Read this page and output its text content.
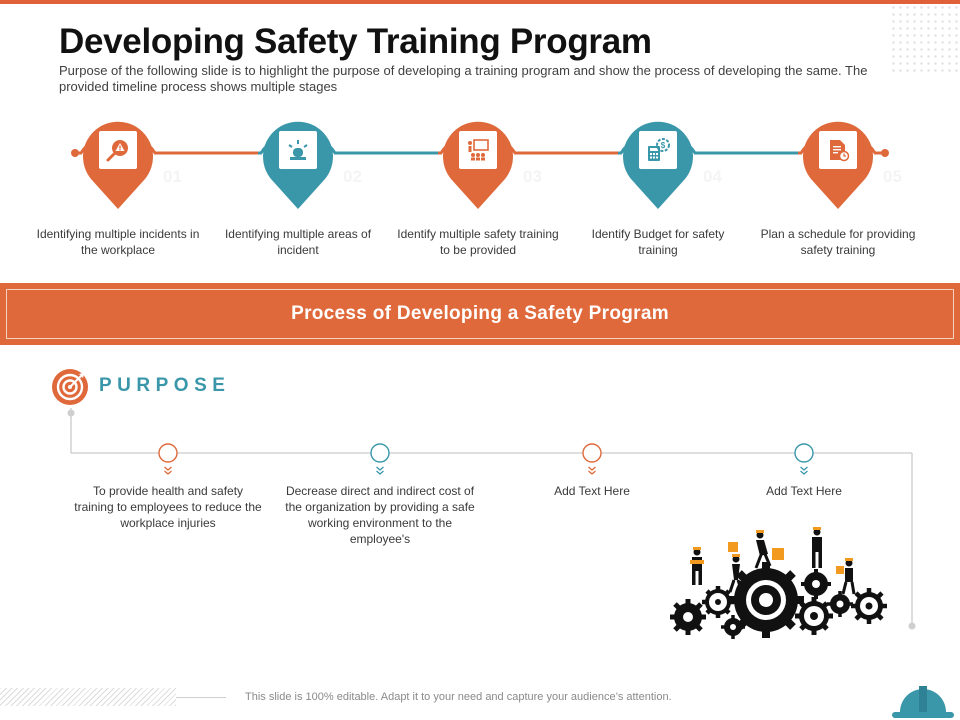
Developing Safety Training Program
Purpose of the following slide is to highlight the purpose of developing a training program and show the process of developing the same. The provided timeline process shows multiple stages
01	02	03
$
04	05
Identifying multiple incidents in the workplace
Identifying multiple areas of incident
Identify multiple safety training to be provided
Identify Budget for safety training
Plan a schedule for providing safety training
Process of Developing a Safety Program
PURPOSE
To provide health and safety training to employees to reduce the workplace injuries
Decrease direct and indirect cost of the organization by providing a safe working environment to the employee's
Add Text Here	Add Text Here
This slide is 100% editable. Adapt it to your need and capture your audience’s attention.
